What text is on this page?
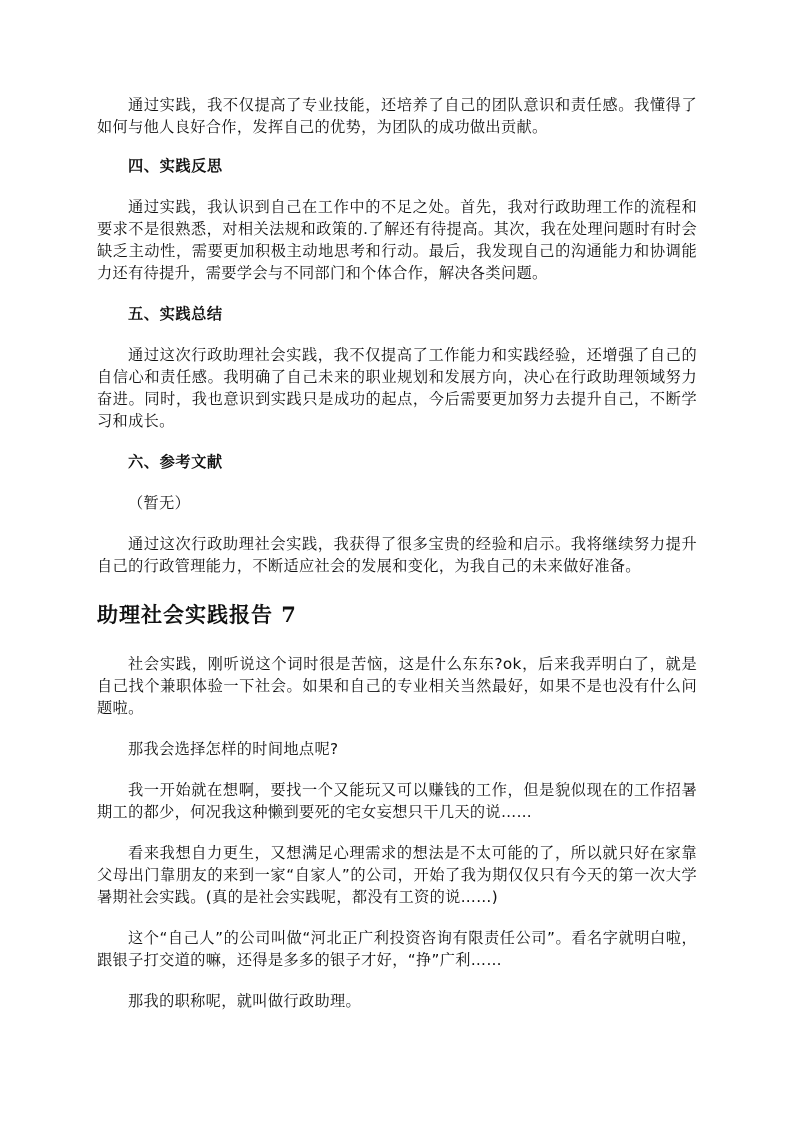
通过实践，我不仅提高了专业技能，还培养了自己的团队意识和责任感。我懂得了如何与他人良好合作，发挥自己的优势，为团队的成功做出贡献。

四、实践反思

通过实践，我认识到自己在工作中的不足之处。首先，我对行政助理工作的流程和要求不是很熟悉，对相关法规和政策的.了解还有待提高。其次，我在处理问题时有时会缺乏主动性，需要更加积极主动地思考和行动。最后，我发现自己的沟通能力和协调能力还有待提升，需要学会与不同部门和个体合作，解决各类问题。

五、实践总结

通过这次行政助理社会实践，我不仅提高了工作能力和实践经验，还增强了自己的自信心和责任感。我明确了自己未来的职业规划和发展方向，决心在行政助理领域努力奋进。同时，我也意识到实践只是成功的起点，今后需要更加努力去提升自己，不断学习和成长。

六、参考文献

（暂无）

通过这次行政助理社会实践，我获得了很多宝贵的经验和启示。我将继续努力提升自己的行政管理能力，不断适应社会的发展和变化，为我自己的未来做好准备。

助理社会实践报告 7

社会实践，刚听说这个词时很是苦恼，这是什么东东?ok，后来我弄明白了，就是自己找个兼职体验一下社会。如果和自己的专业相关当然最好，如果不是也没有什么问题啦。

那我会选择怎样的时间地点呢?

我一开始就在想啊，要找一个又能玩又可以赚钱的工作，但是貌似现在的工作招暑期工的都少，何况我这种懒到要死的宅女妄想只干几天的说……

看来我想自力更生，又想满足心理需求的想法是不太可能的了，所以就只好在家靠父母出门靠朋友的来到一家“自家人”的公司，开始了我为期仅仅只有今天的第一次大学暑期社会实践。(真的是社会实践呢，都没有工资的说……)

这个“自己人”的公司叫做“河北正广利投资咨询有限责任公司”。看名字就明白啦，跟银子打交道的嘛，还得是多多的银子才好，“挣”广利……

那我的职称呢，就叫做行政助理。
